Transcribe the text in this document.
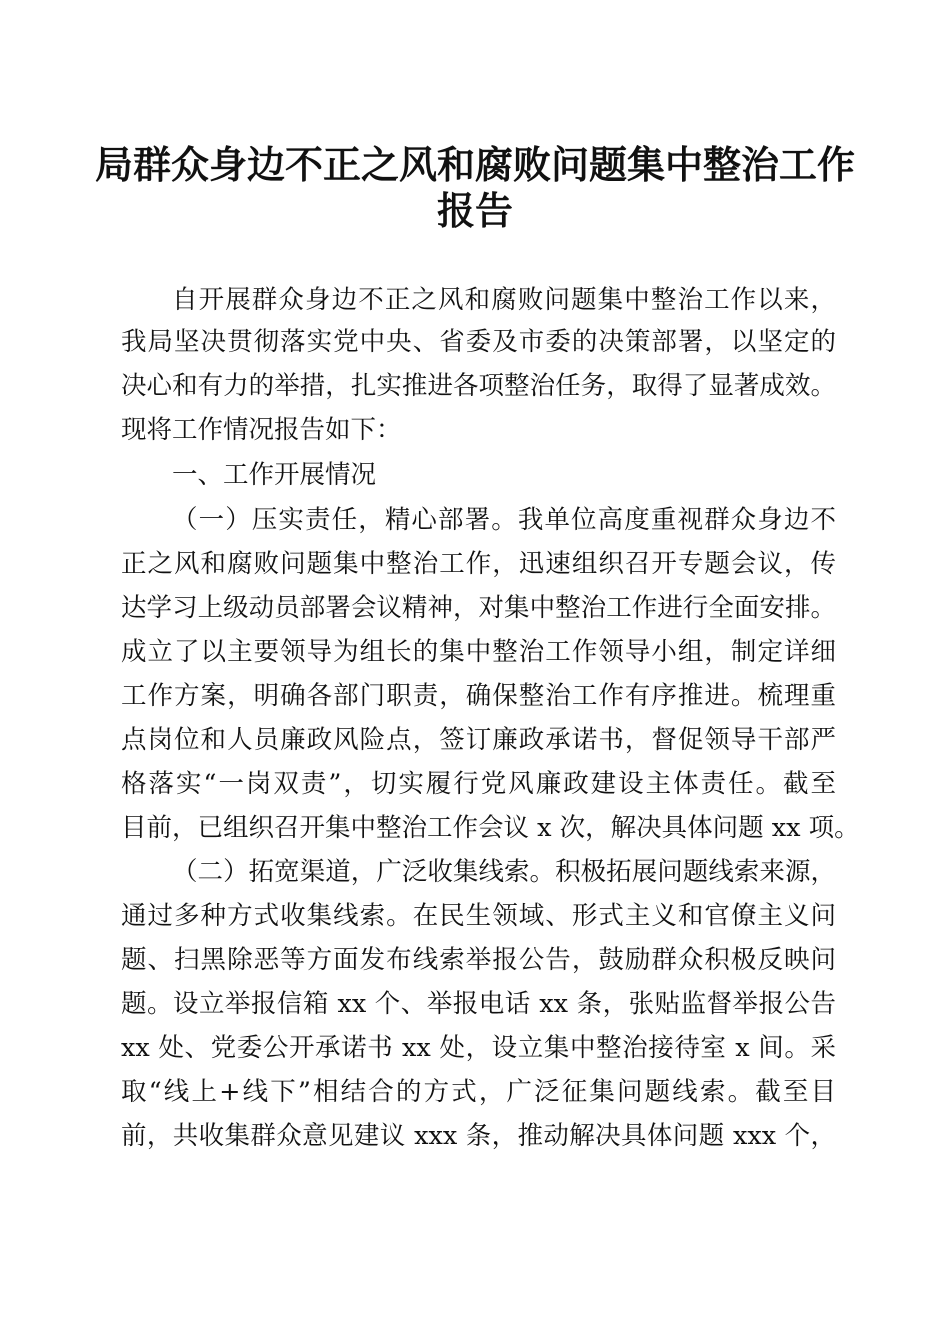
局群众身边不正之风和腐败问题集中整治工作
报告
自开展群众身边不正之风和腐败问题集中整治工作以来，
我局坚决贯彻落实党中央、省委及市委的决策部署，以坚定的
决心和有力的举措，扎实推进各项整治任务，取得了显著成效。
现将工作情况报告如下：
一、工作开展情况
（一）压实责任，精心部署。我单位高度重视群众身边不
正之风和腐败问题集中整治工作，迅速组织召开专题会议，传
达学习上级动员部署会议精神，对集中整治工作进行全面安排。
成立了以主要领导为组长的集中整治工作领导小组，制定详细
工作方案，明确各部门职责，确保整治工作有序推进。梳理重
点岗位和人员廉政风险点，签订廉政承诺书，督促领导干部严
格落实“一岗双责”，切实履行党风廉政建设主体责任。截至
目前，已组织召开集中整治工作会议 x 次，解决具体问题 xx 项。
（二）拓宽渠道，广泛收集线索。积极拓展问题线索来源，
通过多种方式收集线索。在民生领域、形式主义和官僚主义问
题、扫黑除恶等方面发布线索举报公告，鼓励群众积极反映问
题。设立举报信箱 xx 个、举报电话 xx 条，张贴监督举报公告
xx 处、党委公开承诺书 xx 处，设立集中整治接待室 x 间。采
取“线上+线下”相结合的方式，广泛征集问题线索。截至目
前，共收集群众意见建议 xxx 条，推动解决具体问题 xxx 个，
